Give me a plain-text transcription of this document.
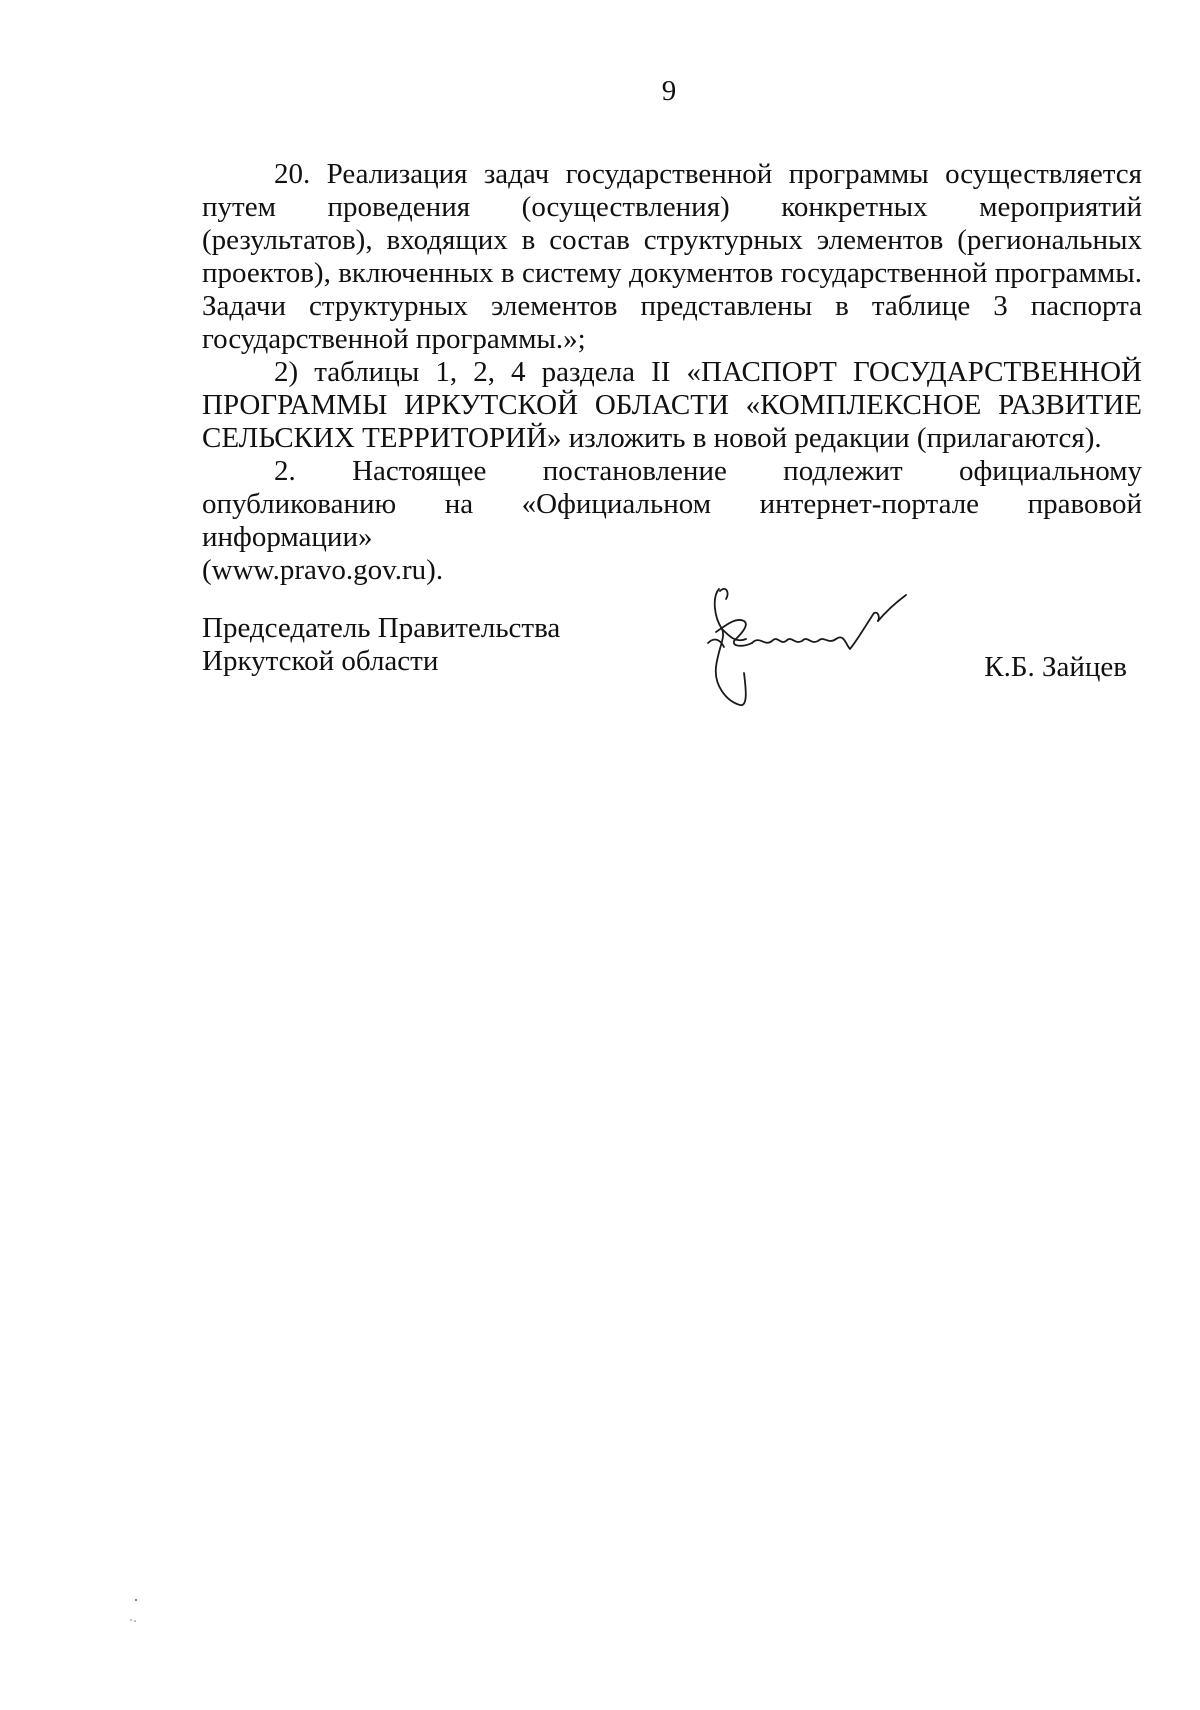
9

20. Реализация задач государственной программы осуществляется путем проведения (осуществления) конкретных мероприятий (результатов), входящих в состав структурных элементов (региональных проектов), включенных в систему документов государственной программы. Задачи структурных элементов представлены в таблице 3 паспорта государственной программы.»;

2) таблицы 1, 2, 4 раздела II «ПАСПОРТ ГОСУДАРСТВЕННОЙ ПРОГРАММЫ ИРКУТСКОЙ ОБЛАСТИ «КОМПЛЕКСНОЕ РАЗВИТИЕ СЕЛЬСКИХ ТЕРРИТОРИЙ» изложить в новой редакции (прилагаются).

2. Настоящее постановление подлежит официальному опубликованию на «Официальном интернет-портале правовой информации»

(www.pravo.gov.ru).

Председатель Правительства
Иркутской области	К.Б. Зайцев
